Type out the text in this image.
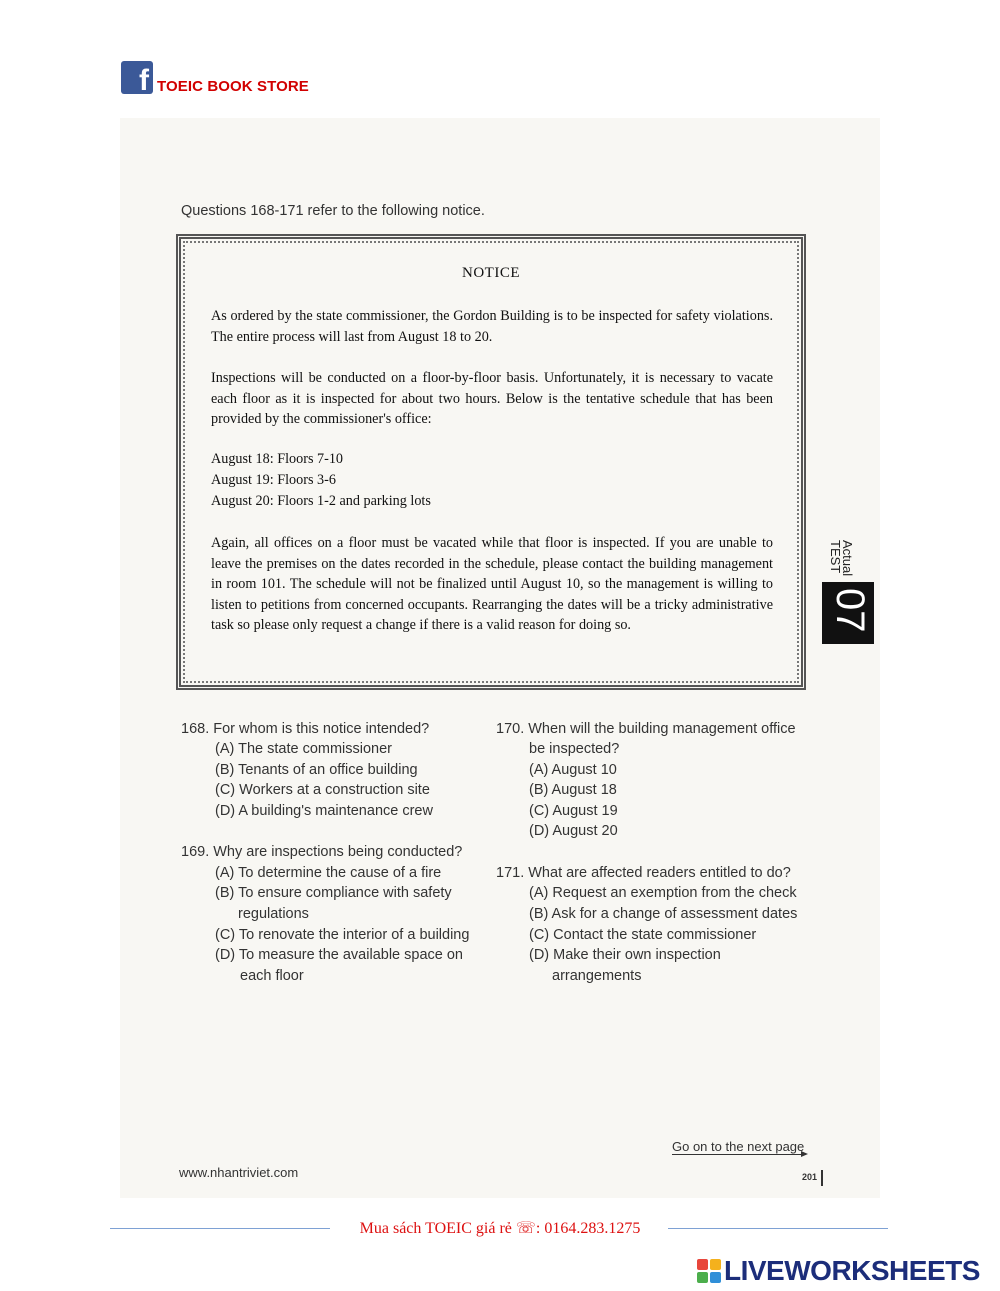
f TOEIC BOOK STORE
Questions 168-171 refer to the following notice.
NOTICE
As ordered by the state commissioner, the Gordon Building is to be inspected for safety violations. The entire process will last from August 18 to 20.
Inspections will be conducted on a floor-by-floor basis. Unfortunately, it is necessary to vacate each floor as it is inspected for about two hours. Below is the tentative schedule that has been provided by the commissioner's office:
August 18: Floors 7-10
August 19: Floors 3-6
August 20: Floors 1-2 and parking lots
Again, all offices on a floor must be vacated while that floor is inspected. If you are unable to leave the premises on the dates recorded in the schedule, please contact the building management in room 101. The schedule will not be finalized until August 10, so the management is willing to listen to petitions from concerned occupants. Rearranging the dates will be a tricky administrative task so please only request a change if there is a valid reason for doing so.
Actual
TEST
07
168. For whom is this notice intended?
(A) The state commissioner
(B) Tenants of an office building
(C) Workers at a construction site
(D) A building's maintenance crew
169. Why are inspections being conducted?
(A) To determine the cause of a fire
(B) To ensure compliance with safety
regulations
(C) To renovate the interior of a building
(D) To measure the available space on
each floor
170. When will the building management office
be inspected?
(A) August 10
(B) August 18
(C) August 19
(D) August 20
171. What are affected readers entitled to do?
(A) Request an exemption from the check
(B) Ask for a change of assessment dates
(C) Contact the state commissioner
(D) Make their own inspection
arrangements
Go on to the next page
www.nhantriviet.com	201
Mua sách TOEIC giá rẻ ☏: 0164.283.1275
LIVEWORKSHEETS
